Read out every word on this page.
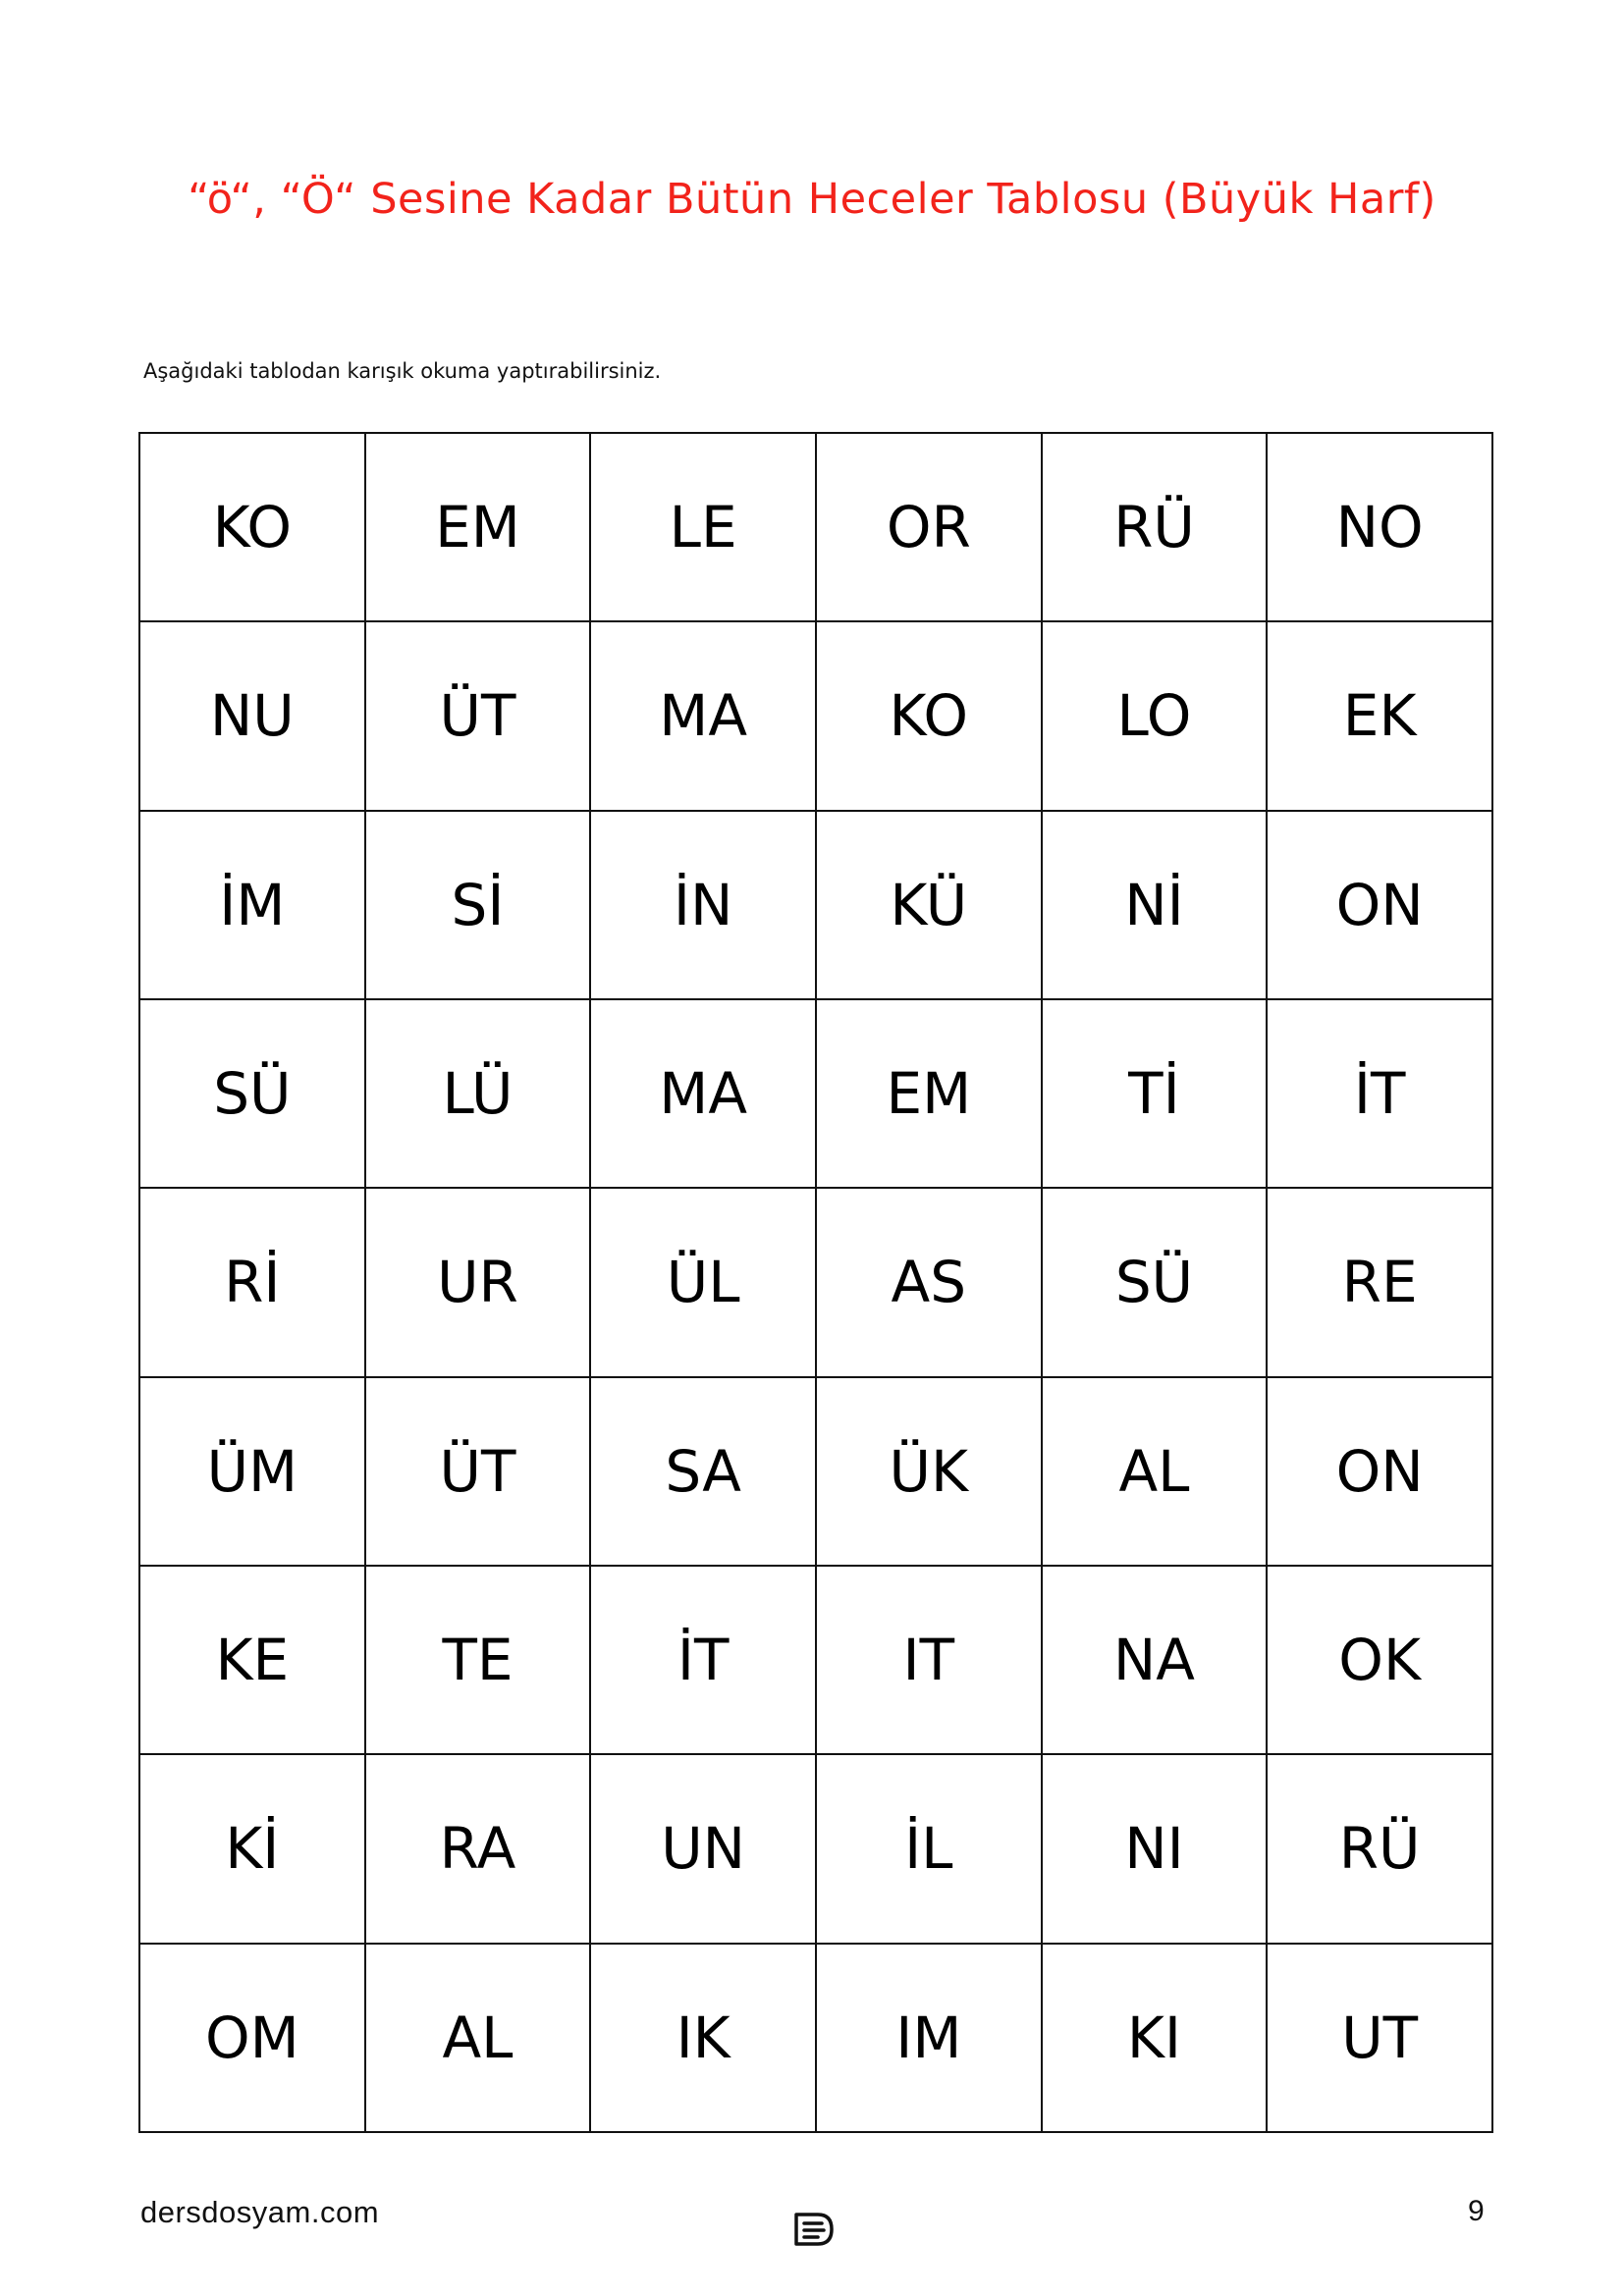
“ö“, “Ö“ Sesine Kadar Bütün Heceler Tablosu (Büyük Harf)
Aşağıdaki tablodan karışık okuma yaptırabilirsiniz.
KO	EM	LE	OR	RÜ	NO
NU	ÜT	MA	KO	LO	EK
İM	Sİ	İN	KÜ	Nİ	ON
SÜ	LÜ	MA	EM	Tİ	İT
Rİ	UR	ÜL	AS	SÜ	RE
ÜM	ÜT	SA	ÜK	AL	ON
KE	TE	İT	IT	NA	OK
Kİ	RA	UN	İL	NI	RÜ
OM	AL	IK	IM	KI	UT
dersdosyam.com	9
